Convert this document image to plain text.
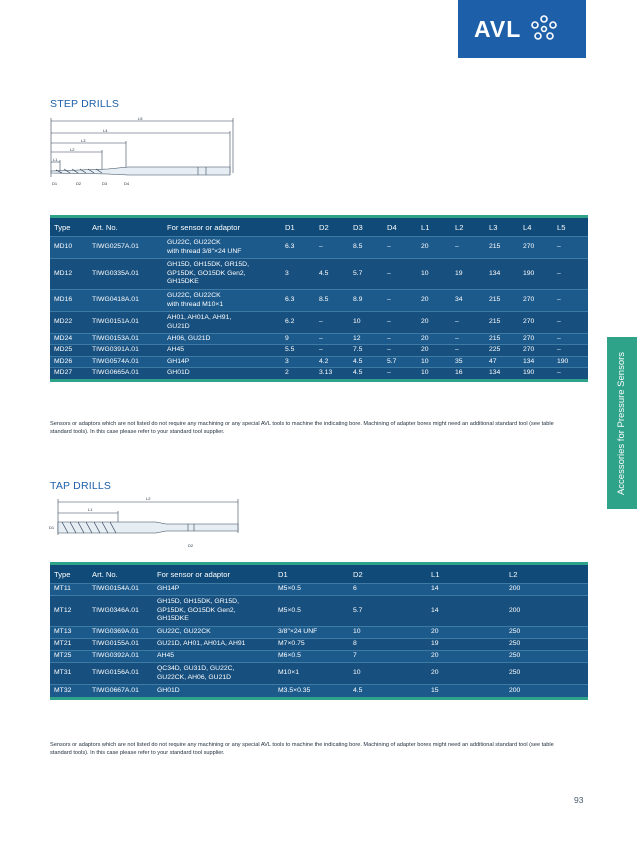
AVL
STEP DRILLS
L5
L4
L3
L2
L1
D1	D2	D3	D4
Type	Art. No.	For sensor or adaptor	D1	D2	D3	D4	L1	L2	L3	L4	L5
MD10	TIWG0257A.01	GU22C, GU22CK
with thread 3/8"×24 UNF	6.3	–	8.5	–	20	–	215	270	–
MD12	TIWG0335A.01	GH15D, GH15DK, GR15D,
GP15DK, GO15DK Gen2,
GH15DKE	3	4.5	5.7	–	10	19	134	190	–
MD16	TIWG0418A.01	GU22C, GU22CK
with thread M10×1	6.3	8.5	8.9	–	20	34	215	270	–
MD22	TIWG0151A.01	AH01, AH01A, AH91,
GU21D	6.2	–	10	–	20	–	215	270	–
MD24	TIWG0153A.01	AH06, GU21D	9	–	12	–	20	–	215	270	–
MD25	TIWG0391A.01	AH45	5.5	–	7.5	–	20	–	225	270	–
MD26	TIWG0574A.01	GH14P	3	4.2	4.5	5.7	10	35	47	134	190
MD27	TIWG0665A.01	GH01D	2	3.13	4.5	–	10	16	134	190	–
Sensors or adaptors which are not listed do not require any machining or any special AVL tools to machine the indicating bore. Machining of adapter bores might need an additional standard tool (see table standard tools). In this case please refer to your standard tool supplier.
TAP DRILLS
L2
L1
D1
D2
Type	Art. No.	For sensor or adaptor	D1	D2	L1	L2
MT11	TIWG0154A.01	GH14P	M5×0.5	6	14	200
MT12	TIWG0346A.01	GH15D, GH15DK, GR15D,
GP15DK, GO15DK Gen2,
GH15DKE	M5×0.5	5.7	14	200
MT13	TIWG0369A.01	GU22C, GU22CK	3/8"×24 UNF	10	20	250
MT21	TIWG0155A.01	GU21D, AH01, AH01A, AH91	M7×0.75	8	19	250
MT25	TIWG0392A.01	AH45	M6×0.5	7	20	250
MT31	TIWG0156A.01	QC34D, GU31D, GU22C,
GU22CK, AH06, GU21D	M10×1	10	20	250
MT32	TIWG0667A.01	GH01D	M3.5×0.35	4.5	15	200
Sensors or adaptors which are not listed do not require any machining or any special AVL tools to machine the indicating bore. Machining of adapter bores might need an additional standard tool (see table standard tools). In this case please refer to your standard tool supplier.
Accessories for Pressure Sensors
93
